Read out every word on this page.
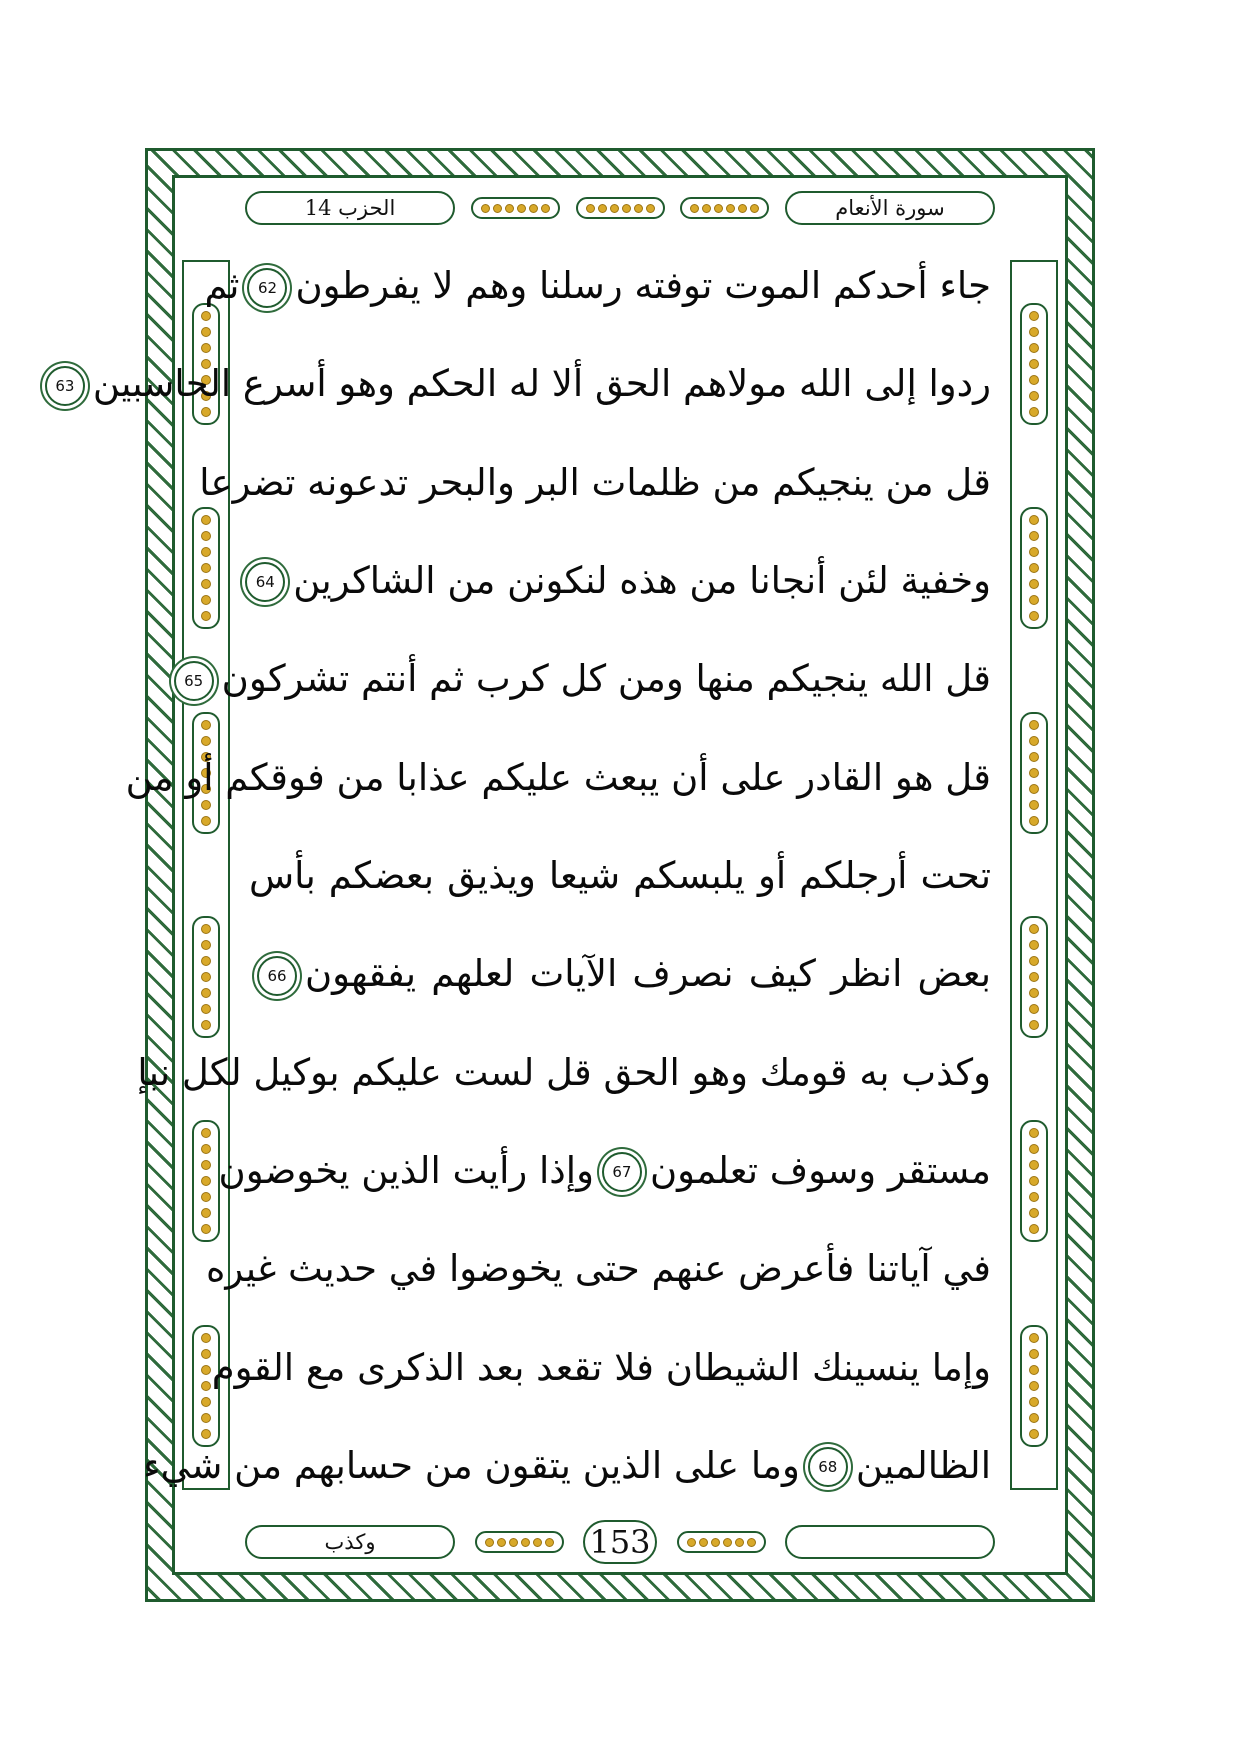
الحزب 14	سورة الأنعام
جاء أحدكم الموت توفته رسلنا وهم لا يفرطون62ثم
ردوا إلى الله مولاهم الحق ألا له الحكم وهو أسرع الحاسبين63
قل من ينجيكم من ظلمات البر والبحر تدعونه تضرعا
وخفية لئن أنجانا من هذه لنكونن من الشاكرين64
قل الله ينجيكم منها ومن كل كرب ثم أنتم تشركون65
قل هو القادر على أن يبعث عليكم عذابا من فوقكم أو من
تحت أرجلكم أو يلبسكم شيعا ويذيق بعضكم بأس
بعض انظر كيف نصرف الآيات لعلهم يفقهون66
وكذب به قومك وهو الحق قل لست عليكم بوكيل لكل نبإ
مستقر وسوف تعلمون67وإذا رأيت الذين يخوضون
في آياتنا فأعرض عنهم حتى يخوضوا في حديث غيره
وإما ينسينك الشيطان فلا تقعد بعد الذكرى مع القوم
الظالمين68وما على الذين يتقون من حسابهم من شيء
وكذب	153
